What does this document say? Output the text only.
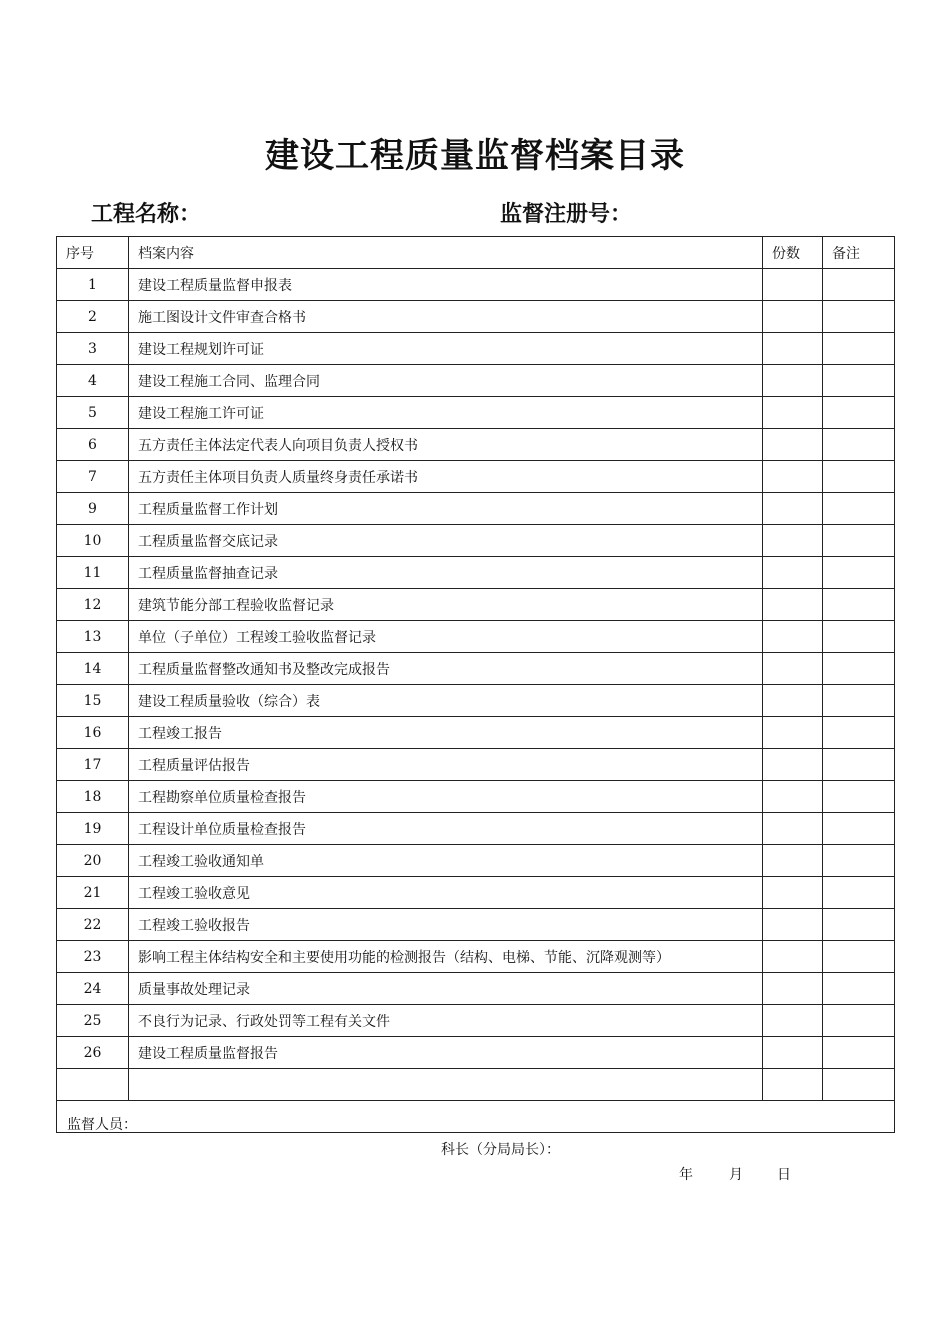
建设工程质量监督档案目录
工程名称：	监督注册号：
序号	档案内容	份数	备注
1	建设工程质量监督申报表		
2	施工图设计文件审查合格书		
3	建设工程规划许可证		
4	建设工程施工合同、监理合同		
5	建设工程施工许可证		
6	五方责任主体法定代表人向项目负责人授权书		
7	五方责任主体项目负责人质量终身责任承诺书		
9	工程质量监督工作计划		
10	工程质量监督交底记录		
11	工程质量监督抽查记录		
12	建筑节能分部工程验收监督记录		
13	单位（子单位）工程竣工验收监督记录		
14	工程质量监督整改通知书及整改完成报告		
15	建设工程质量验收（综合）表		
16	工程竣工报告		
17	工程质量评估报告		
18	工程勘察单位质量检查报告		
19	工程设计单位质量检查报告		
20	工程竣工验收通知单		
21	工程竣工验收意见		
22	工程竣工验收报告		
23	影响工程主体结构安全和主要使用功能的检测报告（结构、电梯、节能、沉降观测等）		
24	质量事故处理记录		
25	不良行为记录、行政处罚等工程有关文件		
26	建设工程质量监督报告		

监督人员：
科长（分局局长）：
年 月 日			
